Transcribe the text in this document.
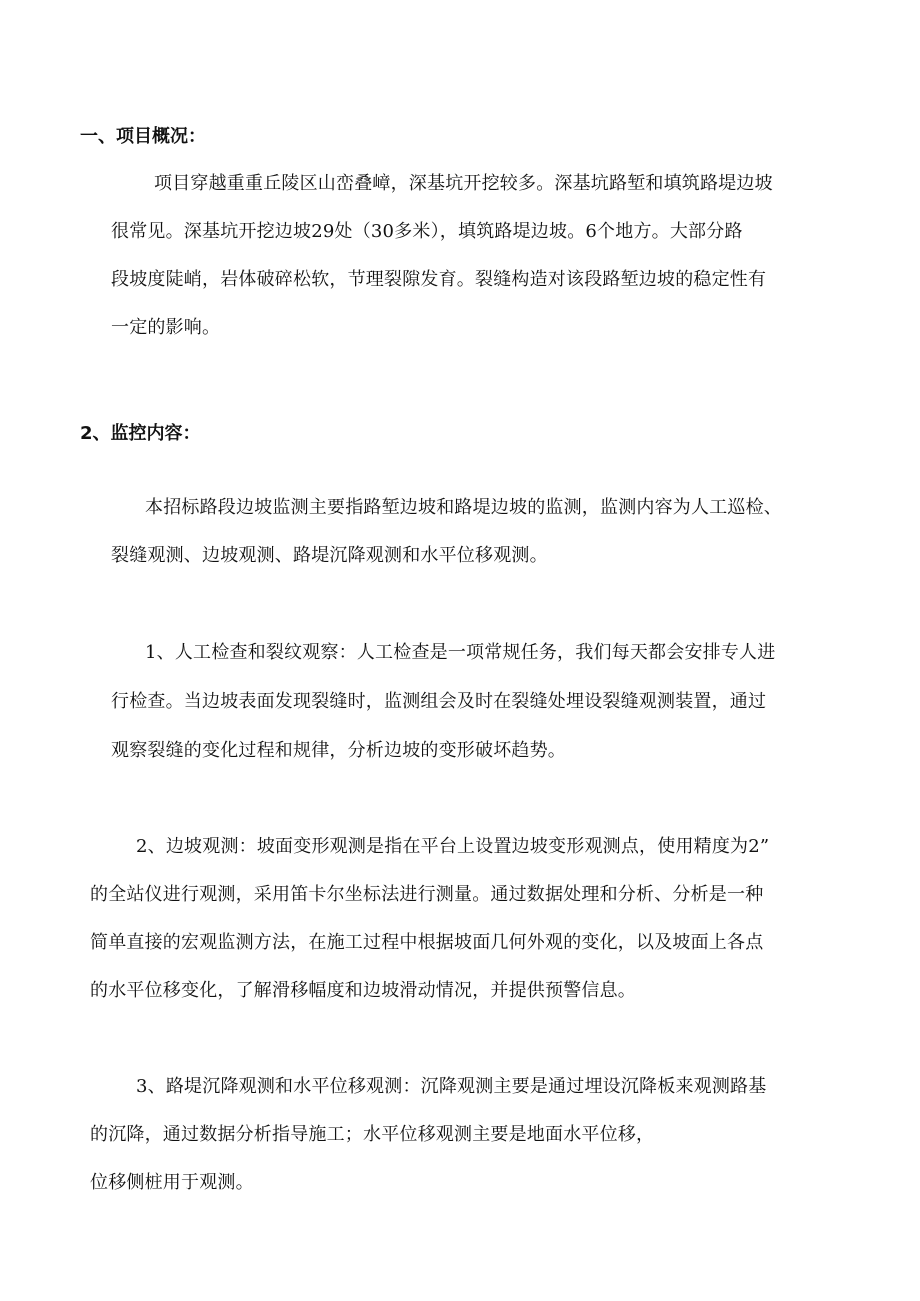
一、项目概况：
项目穿越重重丘陵区山峦叠嶂，深基坑开挖较多。深基坑路堑和填筑路堤边坡
很常见。深基坑开挖边坡29处（30多米），填筑路堤边坡。6个地方。大部分路
段坡度陡峭，岩体破碎松软，节理裂隙发育。裂缝构造对该段路堑边坡的稳定性有
一定的影响。
2、监控内容：
本招标路段边坡监测主要指路堑边坡和路堤边坡的监测，监测内容为人工巡检、
裂缝观测、边坡观测、路堤沉降观测和水平位移观测。
1、人工检查和裂纹观察：人工检查是一项常规任务，我们每天都会安排专人进
行检查。当边坡表面发现裂缝时，监测组会及时在裂缝处埋设裂缝观测装置，通过
观察裂缝的变化过程和规律，分析边坡的变形破坏趋势。
2、边坡观测：坡面变形观测是指在平台上设置边坡变形观测点，使用精度为2”
的全站仪进行观测，采用笛卡尔坐标法进行测量。通过数据处理和分析、分析是一种
简单直接的宏观监测方法，在施工过程中根据坡面几何外观的变化，以及坡面上各点
的水平位移变化，了解滑移幅度和边坡滑动情况，并提供预警信息。
3、路堤沉降观测和水平位移观测：沉降观测主要是通过埋设沉降板来观测路基
的沉降，通过数据分析指导施工；水平位移观测主要是地面水平位移，
位移侧桩用于观测。
